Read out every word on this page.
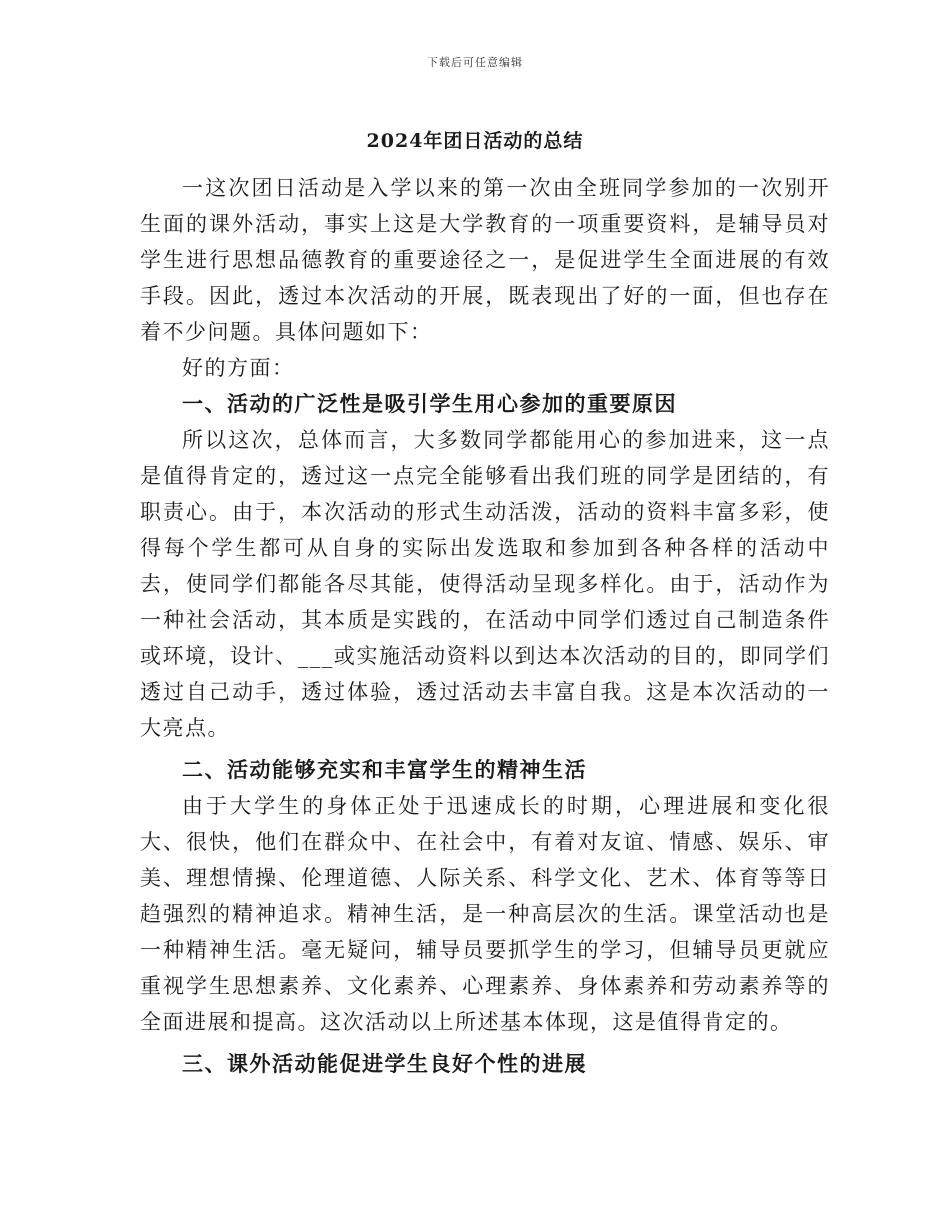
下载后可任意编辑
2024年团日活动的总结

一这次团日活动是入学以来的第一次由全班同学参加的一次别开生面的课外活动，事实上这是大学教育的一项重要资料，是辅导员对学生进行思想品德教育的重要途径之一，是促进学生全面进展的有效手段。因此，透过本次活动的开展，既表现出了好的一面，但也存在着不少问题。具体问题如下：

好的方面：

一、活动的广泛性是吸引学生用心参加的重要原因

所以这次，总体而言，大多数同学都能用心的参加进来，这一点是值得肯定的，透过这一点完全能够看出我们班的同学是团结的，有职责心。由于，本次活动的形式生动活泼，活动的资料丰富多彩，使得每个学生都可从自身的实际出发选取和参加到各种各样的活动中去，使同学们都能各尽其能，使得活动呈现多样化。由于，活动作为一种社会活动，其本质是实践的，在活动中同学们透过自己制造条件或环境，设计、___或实施活动资料以到达本次活动的目的，即同学们透过自己动手，透过体验，透过活动去丰富自我。这是本次活动的一大亮点。

二、活动能够充实和丰富学生的精神生活

由于大学生的身体正处于迅速成长的时期，心理进展和变化很大、很快，他们在群众中、在社会中，有着对友谊、情感、娱乐、审美、理想情操、伦理道德、人际关系、科学文化、艺术、体育等等日趋强烈的精神追求。精神生活，是一种高层次的生活。课堂活动也是一种精神生活。毫无疑问，辅导员要抓学生的学习，但辅导员更就应重视学生思想素养、文化素养、心理素养、身体素养和劳动素养等的全面进展和提高。这次活动以上所述基本体现，这是值得肯定的。

三、课外活动能促进学生良好个性的进展
